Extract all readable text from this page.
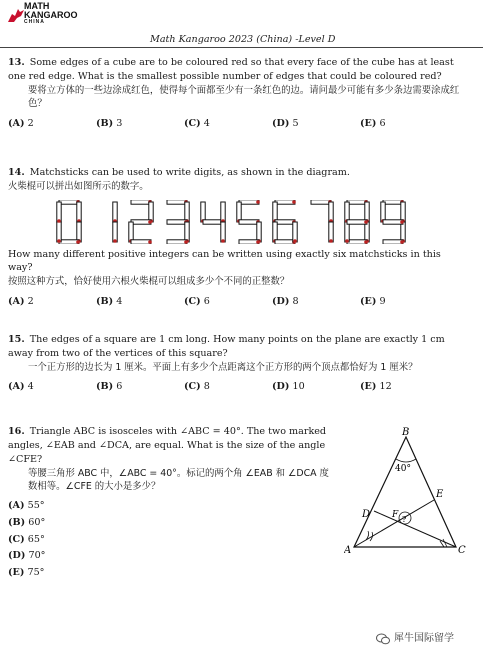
MATH
KANGAROO
CHINA
Math Kangaroo 2023 (China) -Level D
13. Some edges of a cube are to be coloured red so that every face of the cube has at least one red edge. What is the smallest possible number of edges that could be coloured red?
要将立方体的一些边涂成红色，使得每个面都至少有一条红色的边。请问最少可能有多少条边需要涂成红色？
(A) 2	(B) 3	(C) 4	(D) 5	(E) 6
14. Matchsticks can be used to write digits, as shown in the diagram.
火柴棍可以拼出如图所示的数字。
How many different positive integers can be written using exactly six matchsticks in this way?
按照这种方式，恰好使用六根火柴棍可以组成多少个不同的正整数？
(A) 2	(B) 4	(C) 6	(D) 8	(E) 9
15. The edges of a square are 1 cm long. How many points on the plane are exactly 1 cm away from two of the vertices of this square?
一个正方形的边长为 1 厘米。平面上有多少个点距离这个正方形的两个顶点都恰好为 1 厘米？
(A) 4	(B) 6	(C) 8	(D) 10	(E) 12
16. Triangle ABC is isosceles with ∠ABC = 40°. The two marked angles, ∠EAB and ∠DCA, are equal. What is the size of the angle ∠CFE?
等腰三角形 ABC 中，∠ABC = 40°。标记的两个角 ∠EAB 和 ∠DCA 度数相等。∠CFE 的大小是多少？
(A) 55°
(B) 60°
(C) 65°
(D) 70°
(E) 75°
B
A	C
D
E
F
40°
?
犀牛国际留学
